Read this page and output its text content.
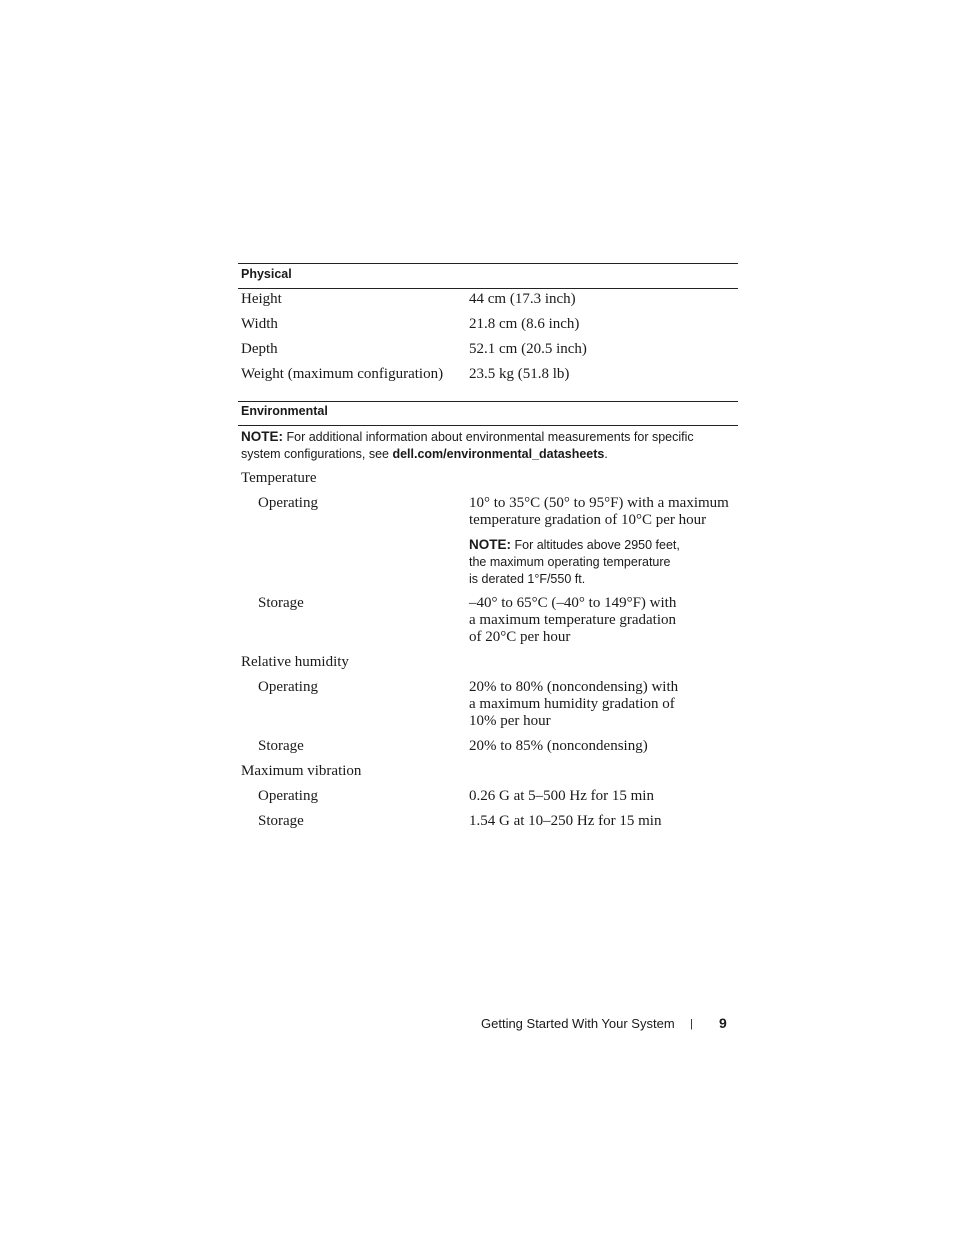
Physical
Height	44 cm (17.3 inch)
Width	21.8 cm (8.6 inch)
Depth	52.1 cm (20.5 inch)
Weight (maximum configuration) 23.5 kg (51.8 lb)
Environmental
NOTE: For additional information about environmental measurements for specific
system configurations, see dell.com/environmental_datasheets.
Temperature
Operating	10° to 35°C (50° to 95°F) with a maximum
temperature gradation of 10°C per hour
NOTE: For altitudes above 2950 feet,
the maximum operating temperature
is derated 1°F/550 ft.
Storage	–40° to 65°C (–40° to 149°F) with
a maximum temperature gradation
of 20°C per hour
Relative humidity
Operating	20% to 80% (noncondensing) with
a maximum humidity gradation of
10% per hour
Storage	20% to 85% (noncondensing)
Maximum vibration
Operating	0.26 G at 5–500 Hz for 15 min
Storage	1.54 G at 10–250 Hz for 15 min
Getting Started With Your System | 9
